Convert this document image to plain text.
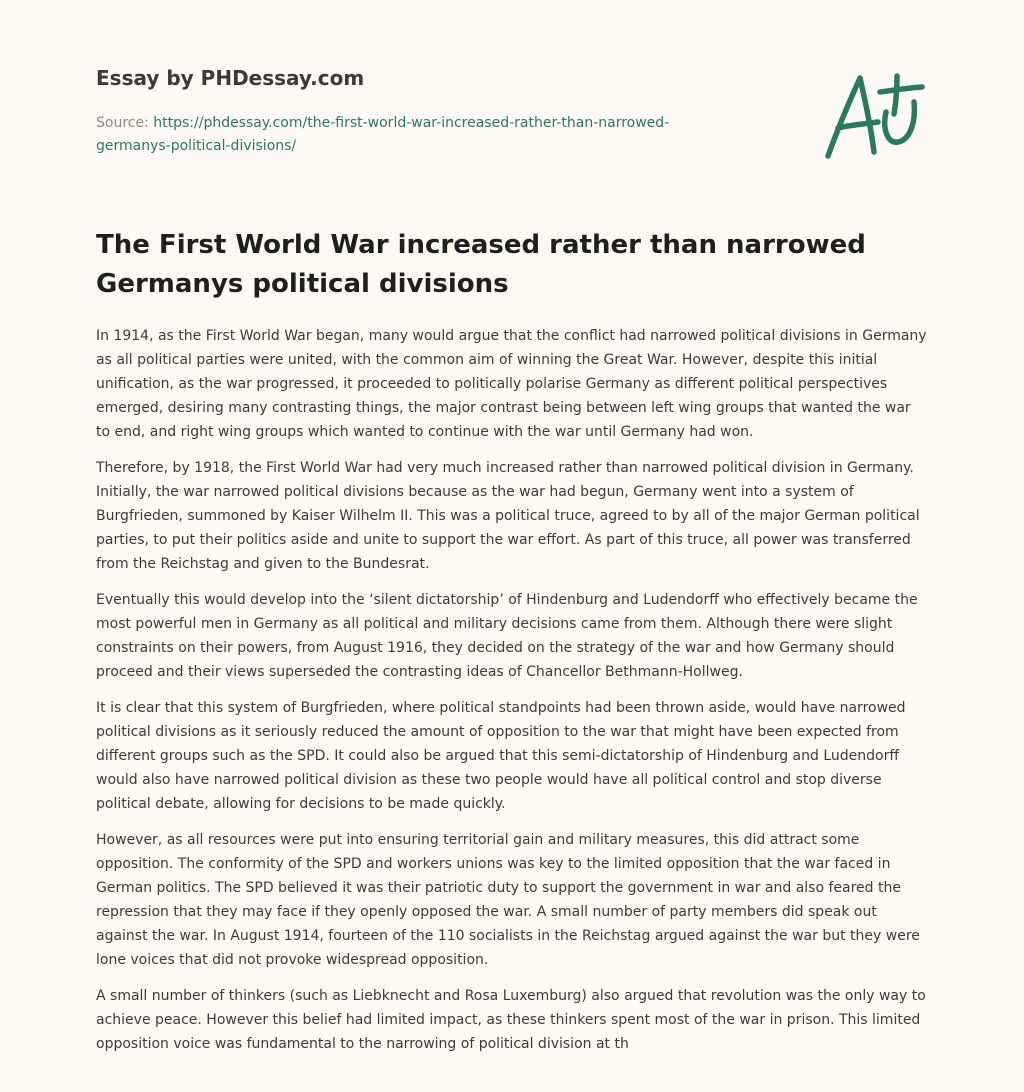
Essay by PHDessay.com
Source: https://phdessay.com/the-first-world-war-increased-rather-than-narrowed-germanys-political-divisions/
The First World War increased rather than narrowed Germanys political divisions

In 1914, as the First World War began, many would argue that the conflict had narrowed political divisions in Germany as all political parties were united, with the common aim of winning the Great War. However, despite this initial unification, as the war progressed, it proceeded to politically polarise Germany as different political perspectives emerged, desiring many contrasting things, the major contrast being between left wing groups that wanted the war to end, and right wing groups which wanted to continue with the war until Germany had won.

Therefore, by 1918, the First World War had very much increased rather than narrowed political division in Germany. Initially, the war narrowed political divisions because as the war had begun, Germany went into a system of Burgfrieden, summoned by Kaiser Wilhelm II. This was a political truce, agreed to by all of the major German political parties, to put their politics aside and unite to support the war effort. As part of this truce, all power was transferred from the Reichstag and given to the Bundesrat.

Eventually this would develop into the ‘silent dictatorship’ of Hindenburg and Ludendorff who effectively became the most powerful men in Germany as all political and military decisions came from them. Although there were slight constraints on their powers, from August 1916, they decided on the strategy of the war and how Germany should proceed and their views superseded the contrasting ideas of Chancellor Bethmann-Hollweg.

It is clear that this system of Burgfrieden, where political standpoints had been thrown aside, would have narrowed political divisions as it seriously reduced the amount of opposition to the war that might have been expected from different groups such as the SPD. It could also be argued that this semi-dictatorship of Hindenburg and Ludendorff would also have narrowed political division as these two people would have all political control and stop diverse political debate, allowing for decisions to be made quickly.

However, as all resources were put into ensuring territorial gain and military measures, this did attract some opposition. The conformity of the SPD and workers unions was key to the limited opposition that the war faced in German politics. The SPD believed it was their patriotic duty to support the government in war and also feared the repression that they may face if they openly opposed the war. A small number of party members did speak out against the war. In August 1914, fourteen of the 110 socialists in the Reichstag argued against the war but they were lone voices that did not provoke widespread opposition.

A small number of thinkers (such as Liebknecht and Rosa Luxemburg) also argued that revolution was the only way to achieve peace. However this belief had limited impact, as these thinkers spent most of the war in prison. This limited opposition voice was fundamental to the narrowing of political division at th
